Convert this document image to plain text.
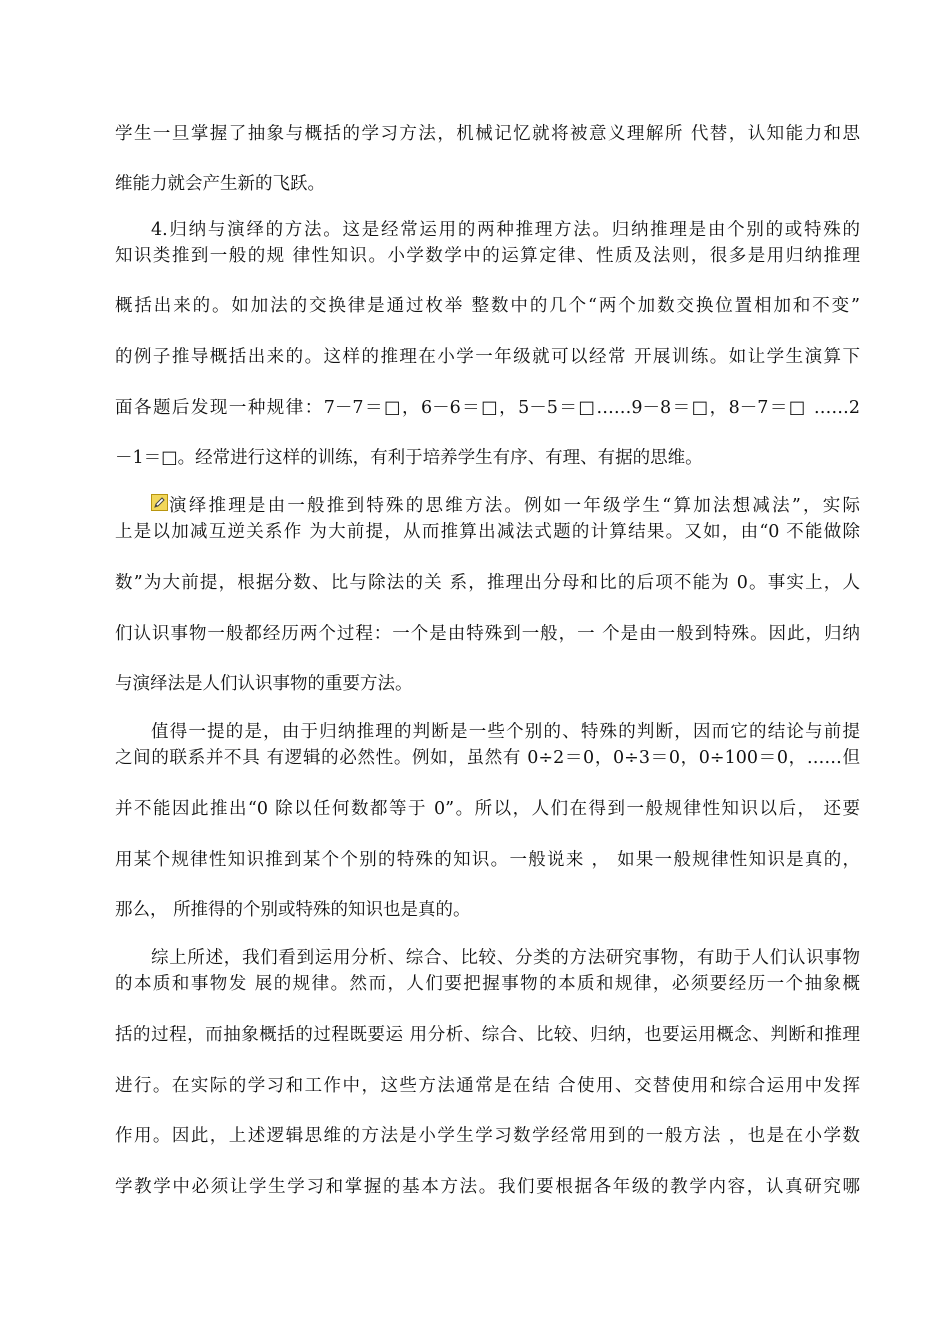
学生一旦掌握了抽象与概括的学习方法，机械记忆就将被意义理解所 代替，认知能力和思
维能力就会产生新的飞跃。
4.归纳与演绎的方法。这是经常运用的两种推理方法。归纳推理是由个别的或特殊的
知识类推到一般的规 律性知识。小学数学中的运算定律、性质及法则，很多是用归纳推理
概括出来的。如加法的交换律是通过枚举 整数中的几个“两个加数交换位置相加和不变”
的例子推导概括出来的。这样的推理在小学一年级就可以经常 开展训练。如让学生演算下
面各题后发现一种规律：7－7＝□，6－6＝□，5－5＝□……9－8＝□，8－7＝□ ……2
－1＝□。经常进行这样的训练，有利于培养学生有序、有理、有据的思维。
演绎推理是由一般推到特殊的思维方法。例如一年级学生“算加法想减法”，实际
上是以加减互逆关系作 为大前提，从而推算出减法式题的计算结果。又如，由“0 不能做除
数”为大前提，根据分数、比与除法的关 系，推理出分母和比的后项不能为 0。事实上，人
们认识事物一般都经历两个过程：一个是由特殊到一般，一 个是由一般到特殊。因此，归纳
与演绎法是人们认识事物的重要方法。
值得一提的是，由于归纳推理的判断是一些个别的、特殊的判断，因而它的结论与前提
之间的联系并不具 有逻辑的必然性。例如，虽然有 0÷2＝0，0÷3＝0，0÷100＝0，……但
并不能因此推出“0 除以任何数都等于 0”。所以，人们在得到一般规律性知识以后， 还要
用某个规律性知识推到某个个别的特殊的知识。一般说来 ， 如果一般规律性知识是真的，
那么， 所推得的个别或特殊的知识也是真的。
综上所述，我们看到运用分析、综合、比较、分类的方法研究事物，有助于人们认识事物
的本质和事物发 展的规律。然而，人们要把握事物的本质和规律，必须要经历一个抽象概
括的过程，而抽象概括的过程既要运 用分析、综合、比较、归纳，也要运用概念、判断和推理
进行。在实际的学习和工作中，这些方法通常是在结 合使用、交替使用和综合运用中发挥
作用。因此，上述逻辑思维的方法是小学生学习数学经常用到的一般方法 ，也是在小学数
学教学中必须让学生学习和掌握的基本方法。我们要根据各年级的教学内容，认真研究哪
